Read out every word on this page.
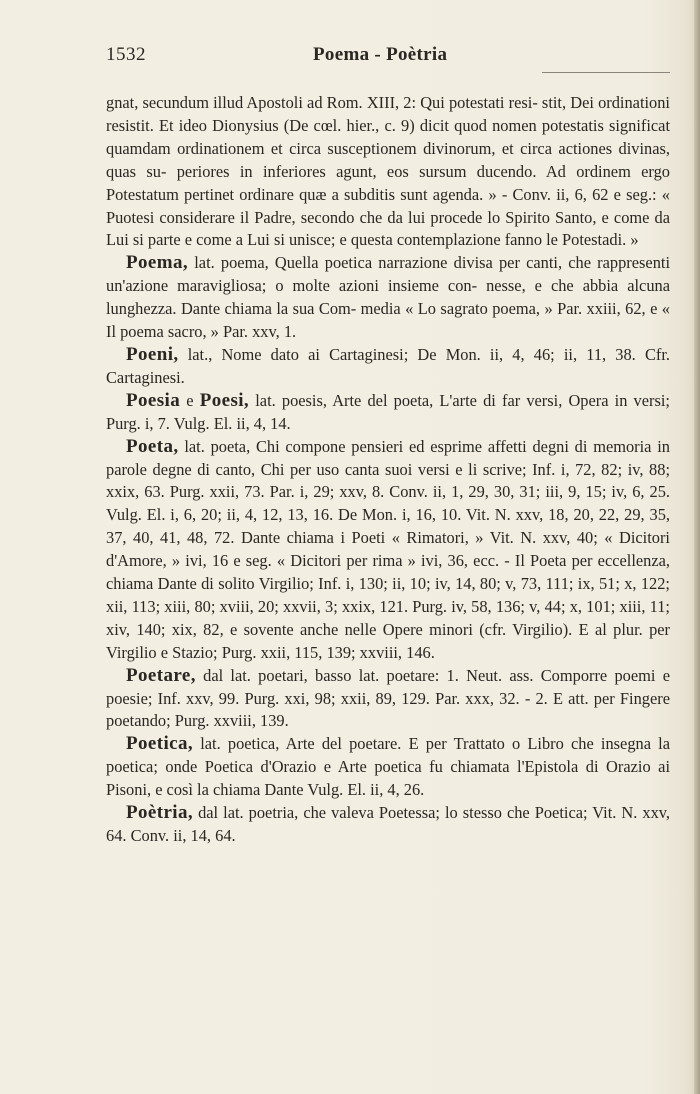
1532	Poema - Poètria

gnat, secundum illud Apostoli ad Rom. XIII, 2: Qui potestati resi- stit, Dei ordinationi resistit. Et ideo Dionysius (De cœl. hier., c. 9) dicit quod nomen potestatis significat quamdam ordinationem et circa susceptionem divinorum, et circa actiones divinas, quas su- periores in inferiores agunt, eos sursum ducendo. Ad ordinem ergo Potestatum pertinet ordinare quæ a subditis sunt agenda. » - Conv. ii, 6, 62 e seg.: « Puotesi considerare il Padre, secondo che da lui procede lo Spirito Santo, e come da Lui si parte e come a Lui si unisce; e questa contemplazione fanno le Potestadi. »

Poema, lat. poema, Quella poetica narrazione divisa per canti, che rappresenti un'azione maravigliosa; o molte azioni insieme con- nesse, e che abbia alcuna lunghezza. Dante chiama la sua Com- media « Lo sagrato poema, » Par. xxiii, 62, e « Il poema sacro, » Par. xxv, 1.

Poeni, lat., Nome dato ai Cartaginesi; De Mon. ii, 4, 46; ii, 11, 38. Cfr. Cartaginesi.

Poesia e Poesi, lat. poesis, Arte del poeta, L'arte di far versi, Opera in versi; Purg. i, 7. Vulg. El. ii, 4, 14.

Poeta, lat. poeta, Chi compone pensieri ed esprime affetti degni di memoria in parole degne di canto, Chi per uso canta suoi versi e li scrive; Inf. i, 72, 82; iv, 88; xxix, 63. Purg. xxii, 73. Par. i, 29; xxv, 8. Conv. ii, 1, 29, 30, 31; iii, 9, 15; iv, 6, 25. Vulg. El. i, 6, 20; ii, 4, 12, 13, 16. De Mon. i, 16, 10. Vit. N. xxv, 18, 20, 22, 29, 35, 37, 40, 41, 48, 72. Dante chiama i Poeti « Rimatori, » Vit. N. xxv, 40; « Dicitori d'Amore, » ivi, 16 e seg. « Dicitori per rima » ivi, 36, ecc. - Il Poeta per eccellenza, chiama Dante di solito Virgilio; Inf. i, 130; ii, 10; iv, 14, 80; v, 73, 111; ix, 51; x, 122; xii, 113; xiii, 80; xviii, 20; xxvii, 3; xxix, 121. Purg. iv, 58, 136; v, 44; x, 101; xiii, 11; xiv, 140; xix, 82, e sovente anche nelle Opere minori (cfr. Virgilio). E al plur. per Virgilio e Stazio; Purg. xxii, 115, 139; xxviii, 146.

Poetare, dal lat. poetari, basso lat. poetare: 1. Neut. ass. Comporre poemi e poesie; Inf. xxv, 99. Purg. xxi, 98; xxii, 89, 129. Par. xxx, 32. - 2. E att. per Fingere poetando; Purg. xxviii, 139.

Poetica, lat. poetica, Arte del poetare. E per Trattato o Libro che insegna la poetica; onde Poetica d'Orazio e Arte poetica fu chiamata l'Epistola di Orazio ai Pisoni, e così la chiama Dante Vulg. El. ii, 4, 26.

Poètria, dal lat. poetria, che valeva Poetessa; lo stesso che Poetica; Vit. N. xxv, 64. Conv. ii, 14, 64.
